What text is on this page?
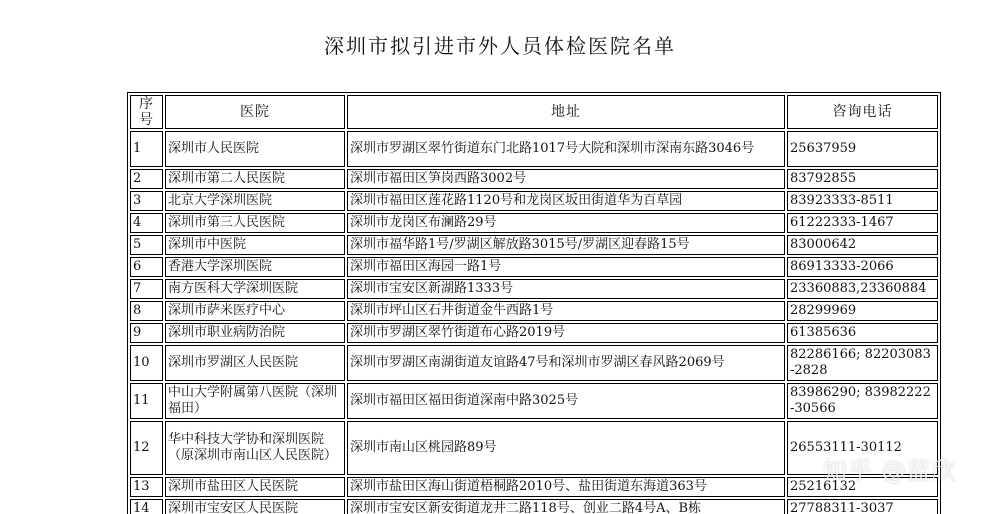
深圳市拟引进市外人员体检医院名单
序号	医院	地址	咨询电话
1	深圳市人民医院	深圳市罗湖区翠竹街道东门北路1017号大院和深圳市深南东路3046号	25637959
2	深圳市第二人民医院	深圳市福田区笋岗西路3002号	83792855
3	北京大学深圳医院	深圳市福田区莲花路1120号和龙岗区坂田街道华为百草园	83923333-8511
4	深圳市第三人民医院	深圳市龙岗区布澜路29号	61222333-1467
5	深圳市中医院	深圳市福华路1号/罗湖区解放路3015号/罗湖区迎春路15号	83000642
6	香港大学深圳医院	深圳市福田区海园一路1号	86913333-2066
7	南方医科大学深圳医院	深圳市宝安区新湖路1333号	23360883,23360884
8	深圳市萨米医疗中心	深圳市坪山区石井街道金牛西路1号	28299969
9	深圳市职业病防治院	深圳市罗湖区翠竹街道布心路2019号	61385636
10	深圳市罗湖区人民医院	深圳市罗湖区南湖街道友谊路47号和深圳市罗湖区春风路2069号	82286166; 82203083-2828
11	中山大学附属第八医院（深圳福田）	深圳市福田区福田街道深南中路3025号	83986290; 83982222-30566
12	华中科技大学协和深圳医院（原深圳市南山区人民医院）	深圳市南山区桃园路89号	26553111-30112
13	深圳市盐田区人民医院	深圳市盐田区海山街道梧桐路2010号、盐田街道东海道363号	25216132
14	深圳市宝安区人民医院	深圳市宝安区新安街道龙井二路118号、创业二路4号A、B栋	27788311-3037
知乎 @蓝欣
